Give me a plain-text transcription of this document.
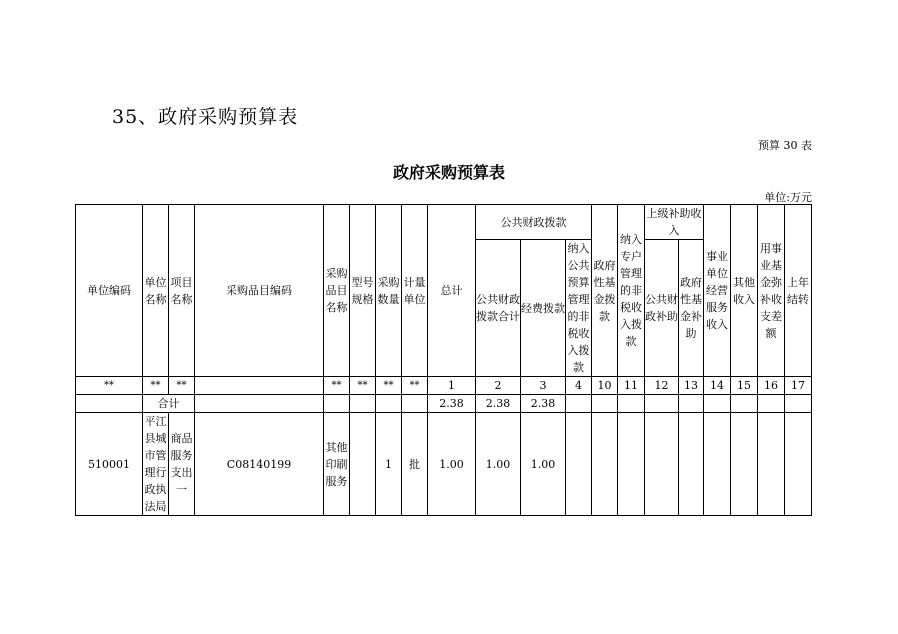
35、政府采购预算表
预算 30 表
政府采购预算表
单位:万元
单位编码	单位名称	项目名称	采购品目编码	采购品目名称	型号规格	采购数量	计量单位	总计	公共财政拨款			政府性基金拨款	纳入专户管理的非税收入拨款	上级补助收入		事业单位经营服务收入	其他收入	用事业基金弥补收支差额	上年结转
									公共财政拨款合计	经费拨款	纳入公共预算管理的非税收入拨款			公共财政补助	政府性基金补助				
**	**	**		**	**	**	**	1	2	3	4	10	11	12	13	14	15	16	17
	合计							2.38	2.38	2.38									
510001	平江县城市管理行政执法局	商品服务支出一	C08140199	其他印刷服务		1	批	1.00	1.00	1.00									
